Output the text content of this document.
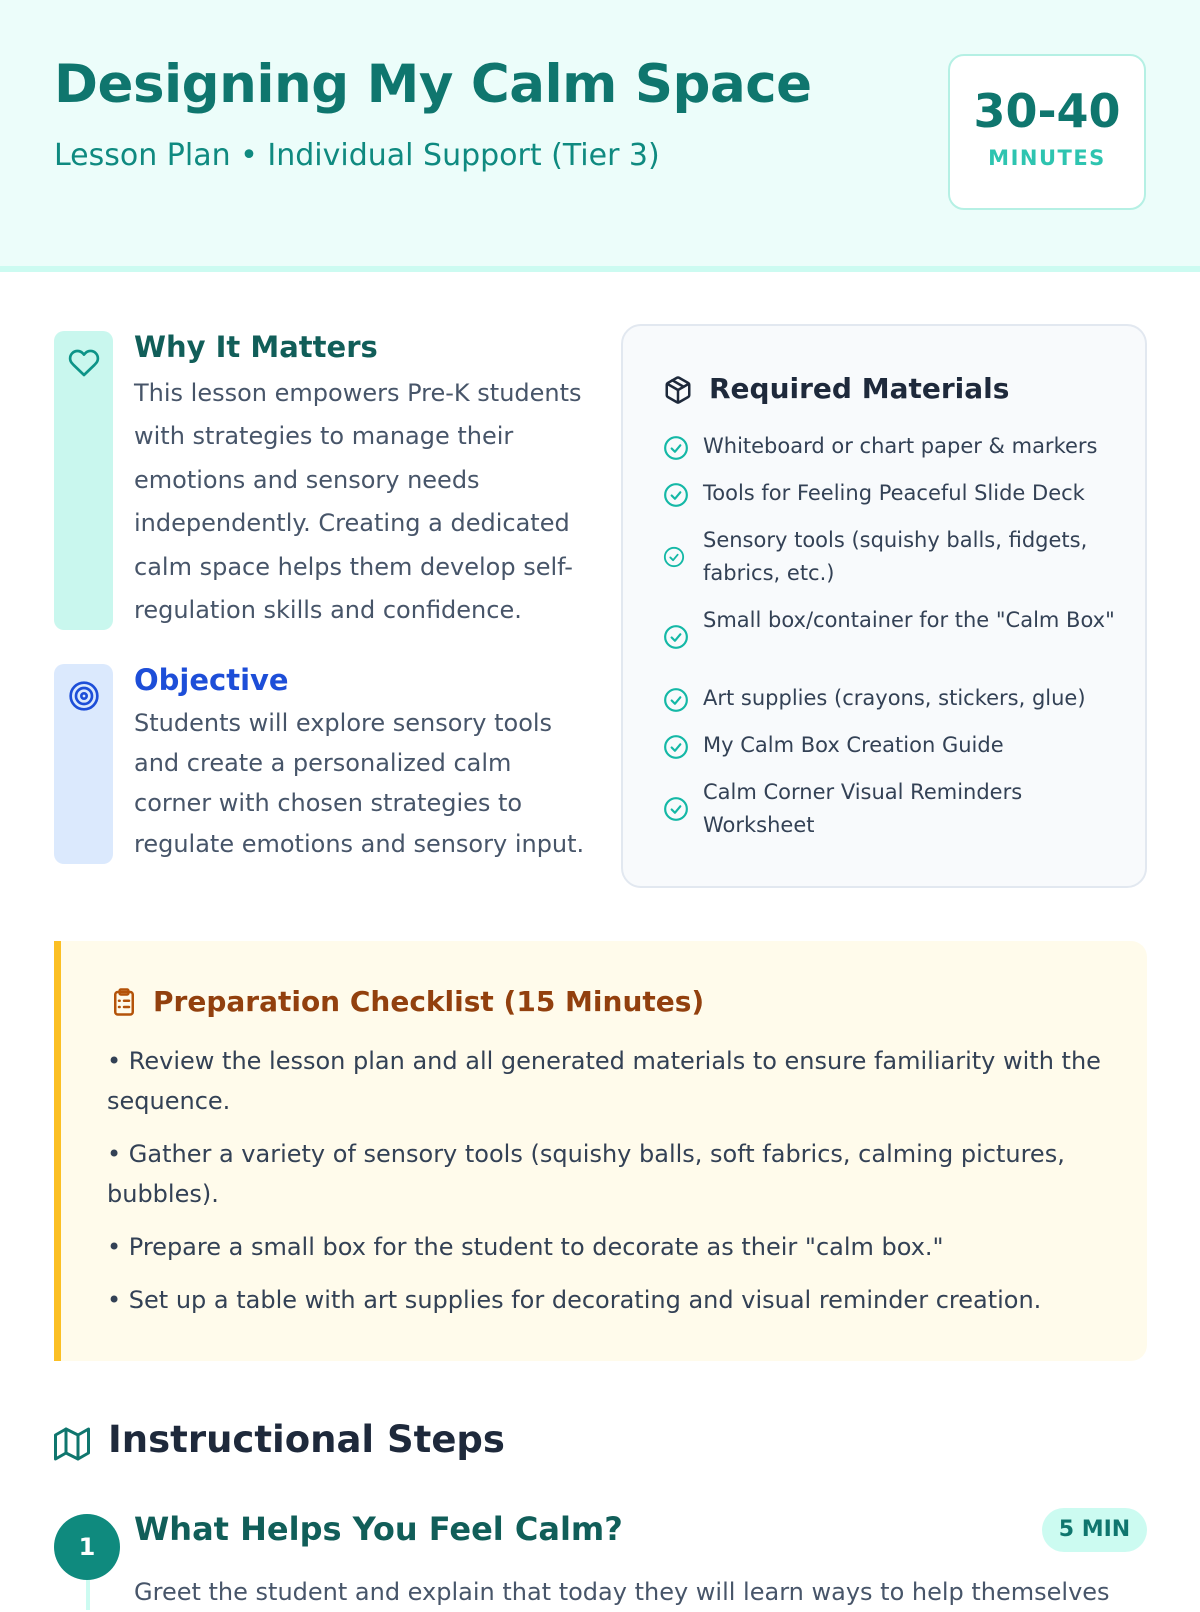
Designing My Calm Space
Lesson Plan • Individual Support (Tier 3)
30-40
MINUTES
Why It Matters

This lesson empowers Pre-K students with strategies to manage their emotions and sensory needs independently. Creating a dedicated calm space helps them develop self-regulation skills and confidence.

Objective

Students will explore sensory tools and create a personalized calm corner with chosen strategies to regulate emotions and sensory input.

Required Materials
Whiteboard or chart paper & markers
Tools for Feeling Peaceful Slide Deck
Sensory tools (squishy balls, fidgets, fabrics, etc.)
Small box/container for the "Calm Box"
Art supplies (crayons, stickers, glue)
My Calm Box Creation Guide
Calm Corner Visual Reminders Worksheet
Preparation Checklist (15 Minutes)

• Review the lesson plan and all generated materials to ensure familiarity with the sequence.

• Gather a variety of sensory tools (squishy balls, soft fabrics, calming pictures, bubbles).

• Prepare a small box for the student to decorate as their "calm box."

• Set up a table with art supplies for decorating and visual reminder creation.

Instructional Steps
1	What Helps You Feel Calm?	5 MIN

Greet the student and explain that today they will learn ways to help themselves
